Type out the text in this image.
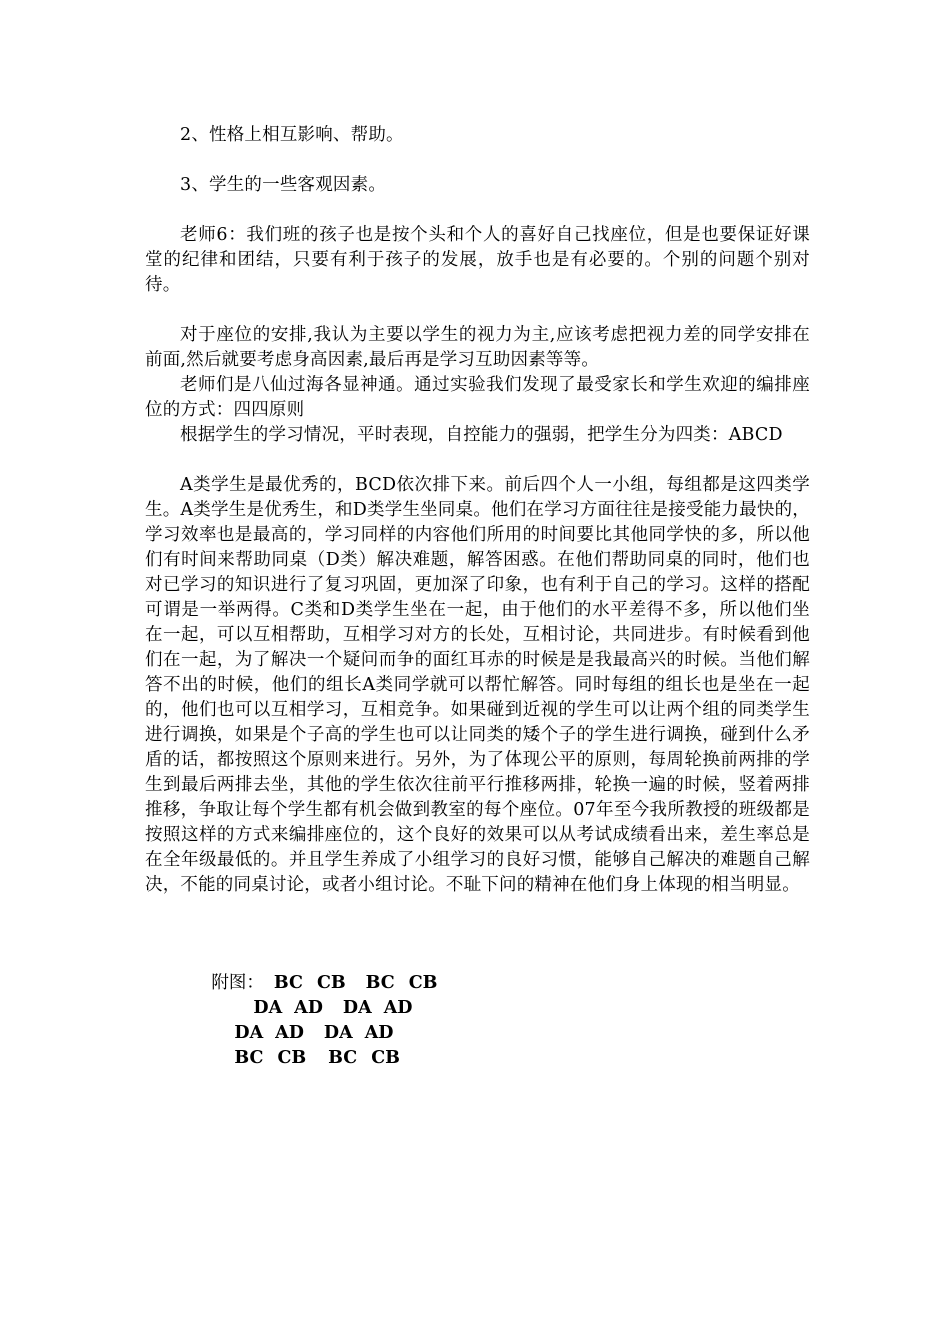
2、性格上相互影响、帮助。

3、学生的一些客观因素。

老师6：我们班的孩子也是按个头和个人的喜好自己找座位，但是也要保证好课堂的纪律和团结，只要有利于孩子的发展，放手也是有必要的。个别的问题个别对待。

对于座位的安排,我认为主要以学生的视力为主,应该考虑把视力差的同学安排在前面,然后就要考虑身高因素,最后再是学习互助因素等等。

老师们是八仙过海各显神通。通过实验我们发现了最受家长和学生欢迎的编排座位的方式：四四原则

根据学生的学习情况，平时表现，自控能力的强弱，把学生分为四类：ABCD

A类学生是最优秀的，BCD依次排下来。前后四个人一小组，每组都是这四类学生。A类学生是优秀生，和D类学生坐同桌。他们在学习方面往往是接受能力最快的，学习效率也是最高的，学习同样的内容他们所用的时间要比其他同学快的多，所以他们有时间来帮助同桌（D类）解决难题，解答困惑。在他们帮助同桌的同时，他们也对已学习的知识进行了复习巩固，更加深了印象，也有利于自己的学习。这样的搭配可谓是一举两得。C类和D类学生坐在一起，由于他们的水平差得不多，所以他们坐在一起，可以互相帮助，互相学习对方的长处，互相讨论，共同进步。有时候看到他们在一起，为了解决一个疑问而争的面红耳赤的时候是是我最高兴的时候。当他们解答不出的时候，他们的组长A类同学就可以帮忙解答。同时每组的组长也是坐在一起的，他们也可以互相学习，互相竞争。如果碰到近视的学生可以让两个组的同类学生进行调换，如果是个子高的学生也可以让同类的矮个子的学生进行调换，碰到什么矛盾的话，都按照这个原则来进行。另外，为了体现公平的原则，每周轮换前两排的学生到最后两排去坐，其他的学生依次往前平行推移两排，轮换一遍的时候，竖着两排推移，争取让每个学生都有机会做到教室的每个座位。07年至今我所教授的班级都是按照这样的方式来编排座位的，这个良好的效果可以从考试成绩看出来，差生率总是在全年级最低的。并且学生养成了小组学习的良好习惯，能够自己解决的难题自己解决，不能的同桌讨论，或者小组讨论。不耻下问的精神在他们身上体现的相当明显。

附图： BC CB BC CB

DA AD DA AD

DA AD DA AD

BC CB BC CB
